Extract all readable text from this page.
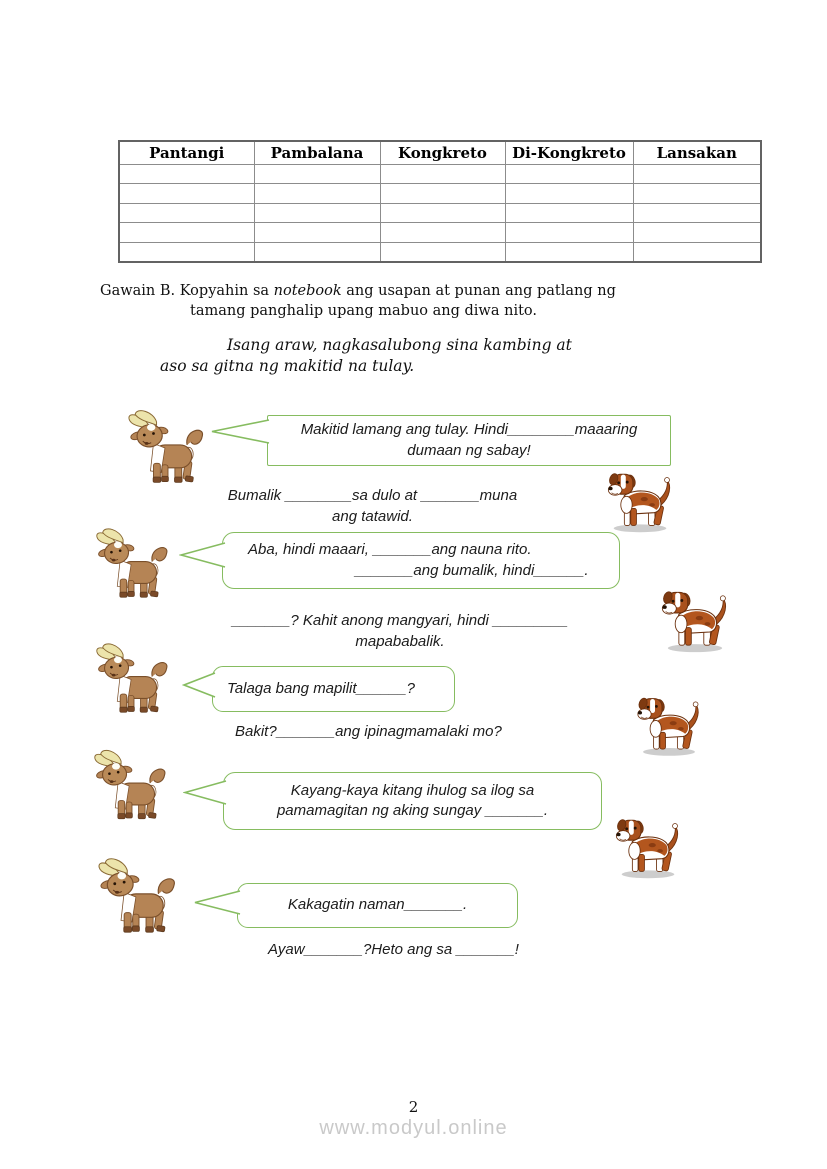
Pantangi	Pambalana	Kongkreto	Di-Kongkreto	Lansakan

Gawain B. Kopyahin sa notebook ang usapan at punan ang patlang ng
tamang panghalip upang mabuo ang diwa nito.
Isang araw, nagkasalubong sina kambing at
aso sa gitna ng makitid na tulay.
Makitid lamang ang tulay. Hindi________maaaring
dumaan ng sabay!
Aba, hindi maaari, _______ang nauna rito.
_______ang bumalik, hindi______.
Talaga bang mapilit______?
Kayang-kaya kitang ihulog sa ilog sa
pamamagitan ng aking sungay _______.
Kakagatin naman_______.
Bumalik ________sa dulo at _______muna
ang tatawid.
_______? Kahit anong mangyari, hindi _________
mapababalik.
Bakit?_______ang ipinagmamalaki mo?
Ayaw_______?Heto ang sa _______!
2
www.modyul.online
